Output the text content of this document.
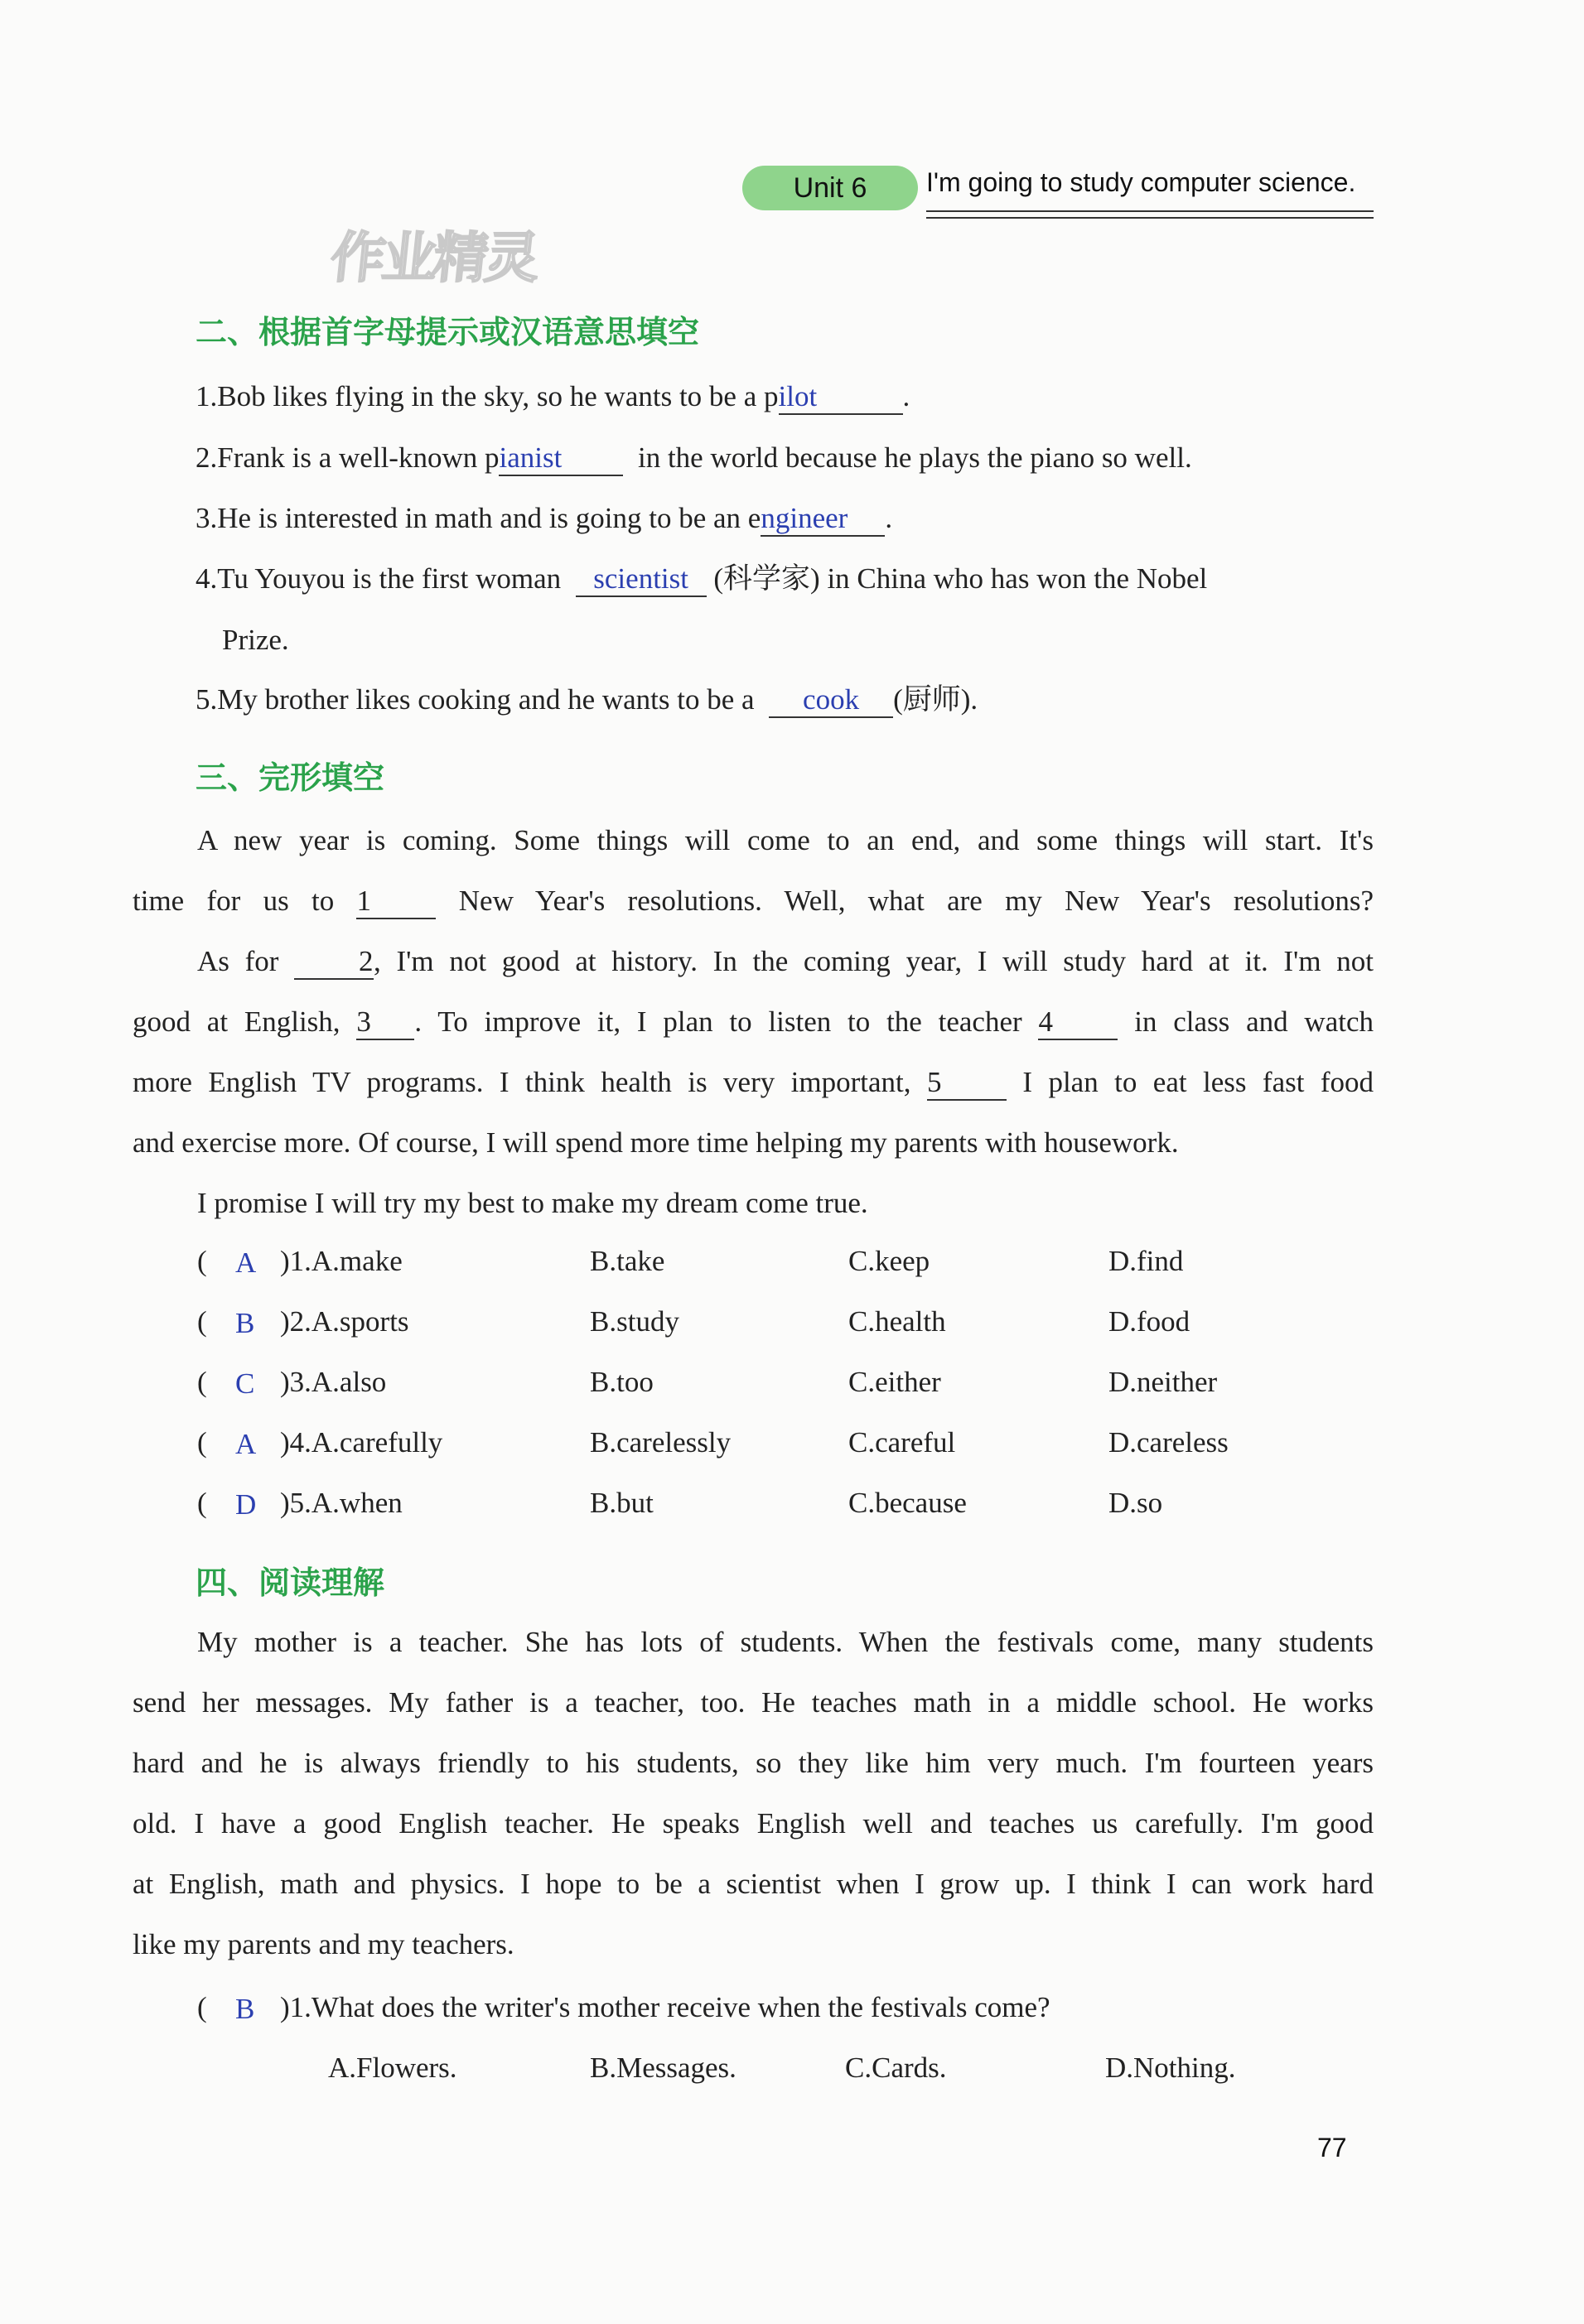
Unit 6	I'm going to study computer science.
作业精灵
二、根据首字母提示或汉语意思填空
1.Bob likes flying in the sky, so he wants to be a pilot	.
2.Frank is a well-known pianist	in the world because he plays the piano so well.
3.He is interested in math and is going to be an engineer .
4.Tu Youyou is the first woman scientist (科学家) in China who has won the Nobel
Prize.
5.My brother likes cooking and he wants to be a cook (厨师).
三、完形填空

A new year is coming. Some things will come to an end, and some things will start. It's

time for us to 1	New Year's resolutions. Well, what are my New Year's resolutions?

As for	2, I'm not good at history. In the coming year, I will study hard at it. I'm not

good at English, 3 . To improve it, I plan to listen to the teacher 4	in class and watch

more English TV programs. I think health is very important, 5	I plan to eat less fast food

and exercise more. Of course, I will spend more time helping my parents with housework.

I promise I will try my best to make my dream come true.

( A )1.A.make	B.take	C.keep	D.find
( B )2.A.sports	B.study	C.health	D.food
( C )3.A.also	B.too	C.either	D.neither
( A )4.A.carefully	B.carelessly	C.careful	D.careless
( D )5.A.when	B.but	C.because	D.so
四、阅读理解

My mother is a teacher. She has lots of students. When the festivals come, many students

send her messages. My father is a teacher, too. He teaches math in a middle school. He works

hard and he is always friendly to his students, so they like him very much. I'm fourteen years

old. I have a good English teacher. He speaks English well and teaches us carefully. I'm good

at English, math and physics. I hope to be a scientist when I grow up. I think I can work hard

like my parents and my teachers.

( B )1.What does the writer's mother receive when the festivals come?
A.Flowers.	B.Messages.	C.Cards.	D.Nothing.
77
